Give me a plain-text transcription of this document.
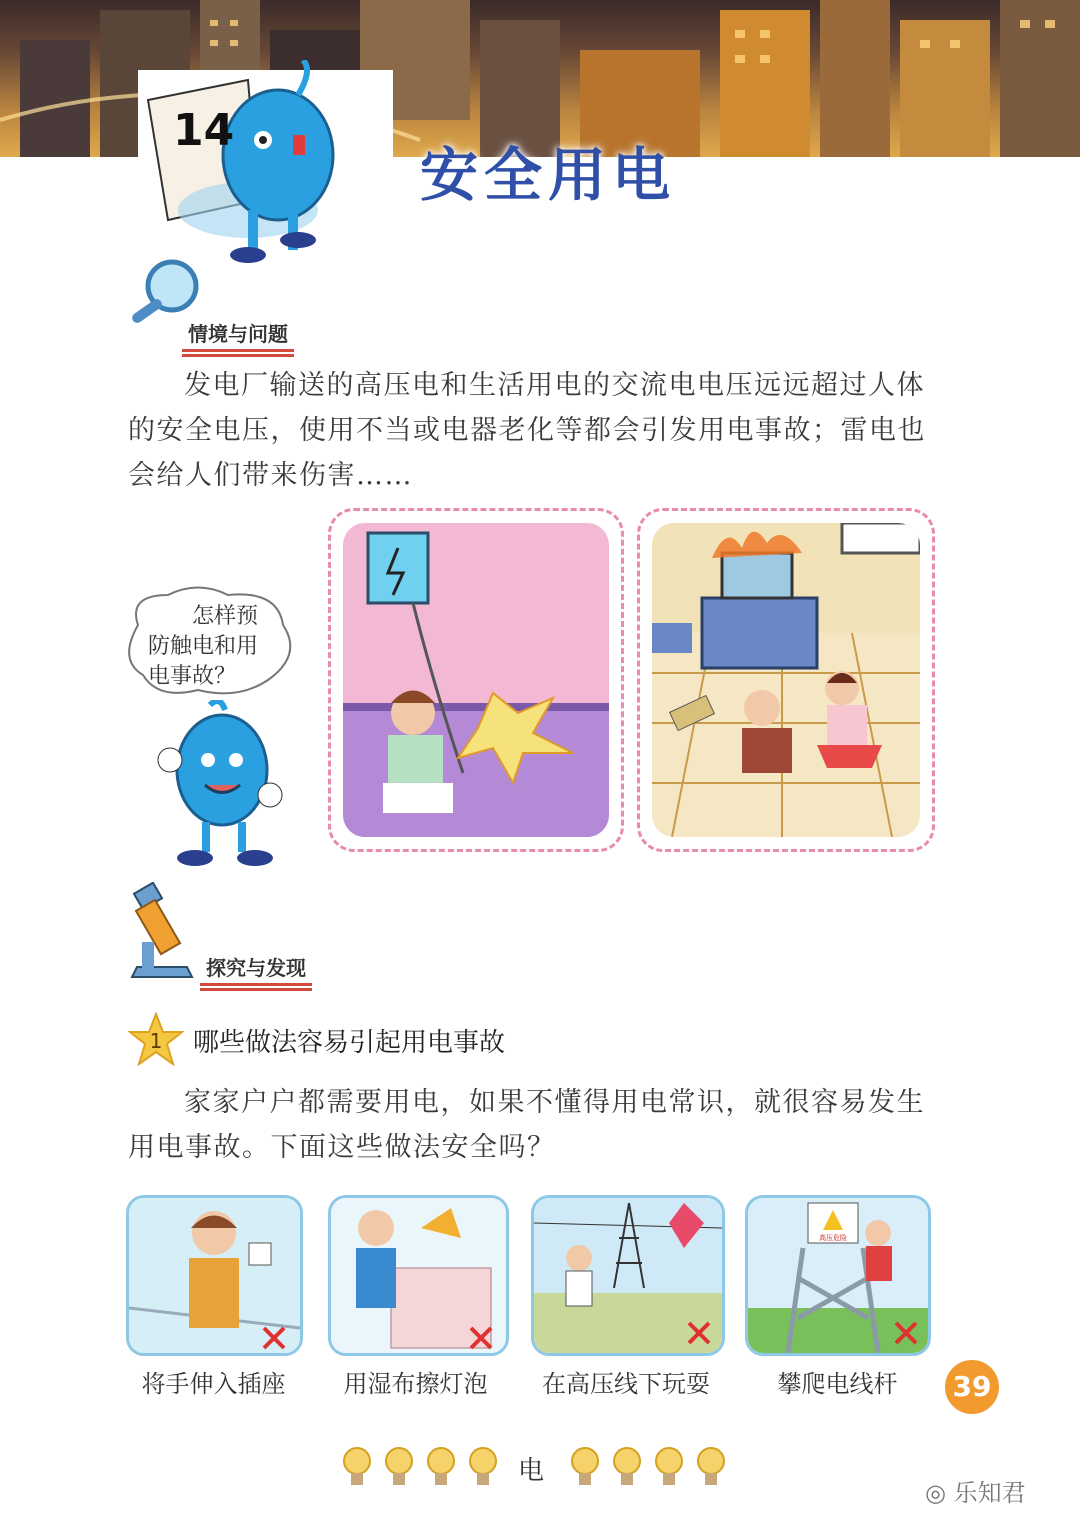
14
安全用电
情境与问题
发电厂输送的高压电和生活用电的交流电电压远远超过人体的安全电压，使用不当或电器老化等都会引发用电事故；雷电也会给人们带来伤害……
　　怎样预
防触电和用
电事故？
探究与发现
1 哪些做法容易引起用电事故
家家户户都需要用电，如果不懂得用电常识，就很容易发生用电事故。下面这些做法安全吗？
高压危险
将手伸入插座	用湿布擦灯泡	在高压线下玩耍	攀爬电线杆	39
电
◎ 乐知君
